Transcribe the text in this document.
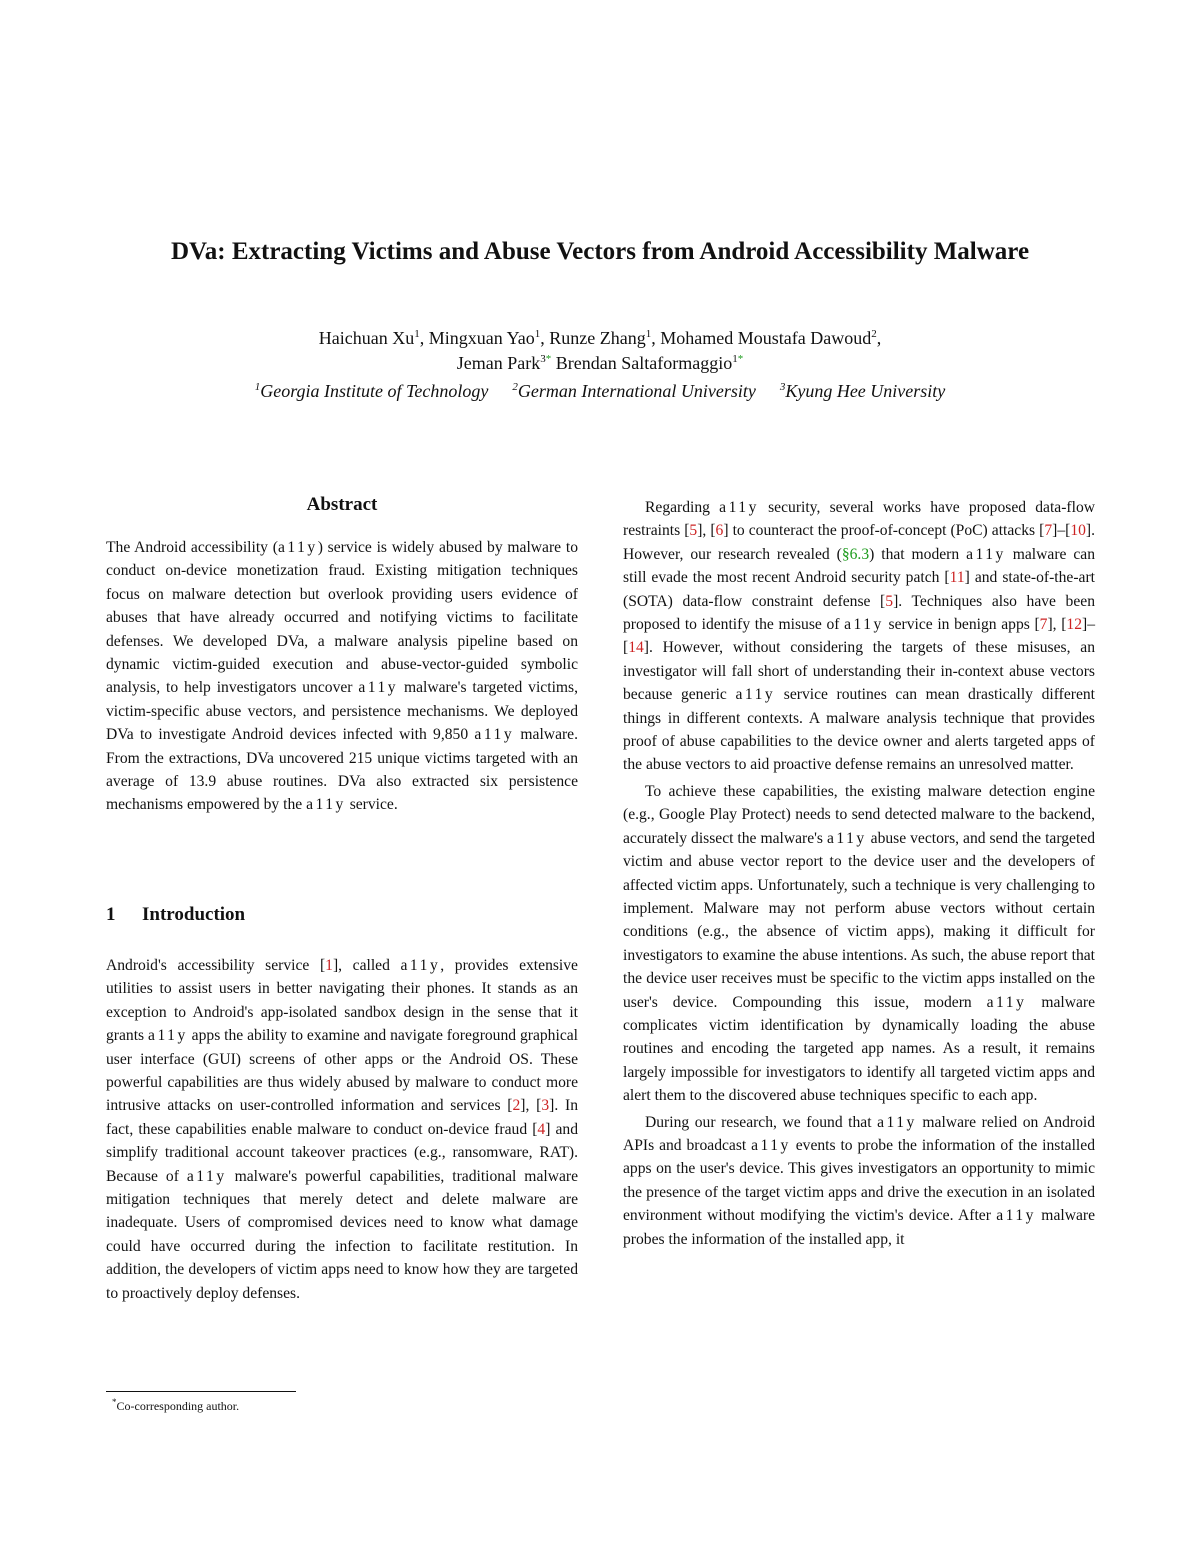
DVa: Extracting Victims and Abuse Vectors from Android Accessibility Malware
Haichuan Xu$^1$, Mingxuan Yao$^1$, Runze Zhang$^1$, Mohamed Moustafa Dawoud$^2$,
Jeman Park$^{3*}$ Brendan Saltaformaggio$^{1*}$
$^1$Georgia Institute of Technology $^2$German International University $^3$Kyung Hee University
Abstract

The Android accessibility (a11y) service is widely abused by malware to conduct on-device monetization fraud. Existing mitigation techniques focus on malware detection but overlook providing users evidence of abuses that have already occurred and notifying victims to facilitate defenses. We developed DVa, a malware analysis pipeline based on dynamic victim-guided execution and abuse-vector-guided symbolic analysis, to help investigators uncover a11y malware's targeted victims, victim-specific abuse vectors, and persistence mechanisms. We deployed DVa to investigate Android devices infected with 9,850 a11y malware. From the extractions, DVa uncovered 215 unique victims targeted with an average of 13.9 abuse routines. DVa also extracted six persistence mechanisms empowered by the a11y service.

1 Introduction

Android's accessibility service [1], called a11y, provides extensive utilities to assist users in better navigating their phones. It stands as an exception to Android's app-isolated sandbox design in the sense that it grants a11y apps the ability to examine and navigate foreground graphical user interface (GUI) screens of other apps or the Android OS. These powerful capabilities are thus widely abused by malware to conduct more intrusive attacks on user-controlled information and services [2], [3]. In fact, these capabilities enable malware to conduct on-device fraud [4] and simplify traditional account takeover practices (e.g., ransomware, RAT). Because of a11y malware's powerful capabilities, traditional malware mitigation techniques that merely detect and delete malware are inadequate. Users of compromised devices need to know what damage could have occurred during the infection to facilitate restitution. In addition, the developers of victim apps need to know how they are targeted to proactively deploy defenses.

*Co-corresponding author.

Regarding a11y security, several works have proposed data-flow restraints [5], [6] to counteract the proof-of-concept (PoC) attacks [7]–[10]. However, our research revealed (§6.3) that modern a11y malware can still evade the most recent Android security patch [11] and state-of-the-art (SOTA) data-flow constraint defense [5]. Techniques also have been proposed to identify the misuse of a11y service in benign apps [7], [12]–[14]. However, without considering the targets of these misuses, an investigator will fall short of understanding their in-context abuse vectors because generic a11y service routines can mean drastically different things in different contexts. A malware analysis technique that provides proof of abuse capabilities to the device owner and alerts targeted apps of the abuse vectors to aid proactive defense remains an unresolved matter.

To achieve these capabilities, the existing malware detection engine (e.g., Google Play Protect) needs to send detected malware to the backend, accurately dissect the malware's a11y abuse vectors, and send the targeted victim and abuse vector report to the device user and the developers of affected victim apps. Unfortunately, such a technique is very challenging to implement. Malware may not perform abuse vectors without certain conditions (e.g., the absence of victim apps), making it difficult for investigators to examine the abuse intentions. As such, the abuse report that the device user receives must be specific to the victim apps installed on the user's device. Compounding this issue, modern a11y malware complicates victim identification by dynamically loading the abuse routines and encoding the targeted app names. As a result, it remains largely impossible for investigators to identify all targeted victim apps and alert them to the discovered abuse techniques specific to each app.

During our research, we found that a11y malware relied on Android APIs and broadcast a11y events to probe the information of the installed apps on the user's device. This gives investigators an opportunity to mimic the presence of the target victim apps and drive the execution in an isolated environment without modifying the victim's device. After a11y malware probes the information of the installed app, it
